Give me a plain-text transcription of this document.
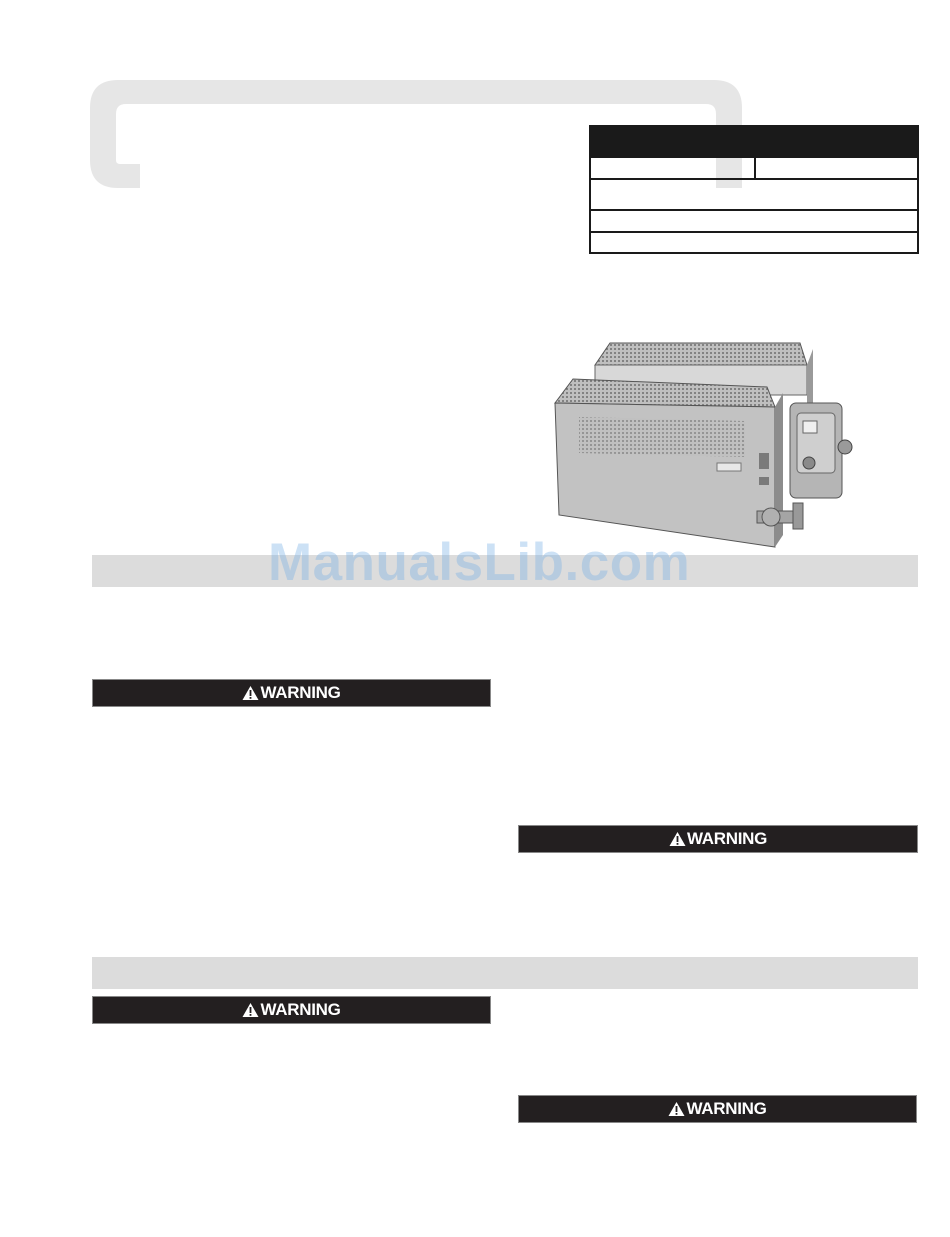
ManualsLib.com
WARNING
WARNING
WARNING
WARNING
